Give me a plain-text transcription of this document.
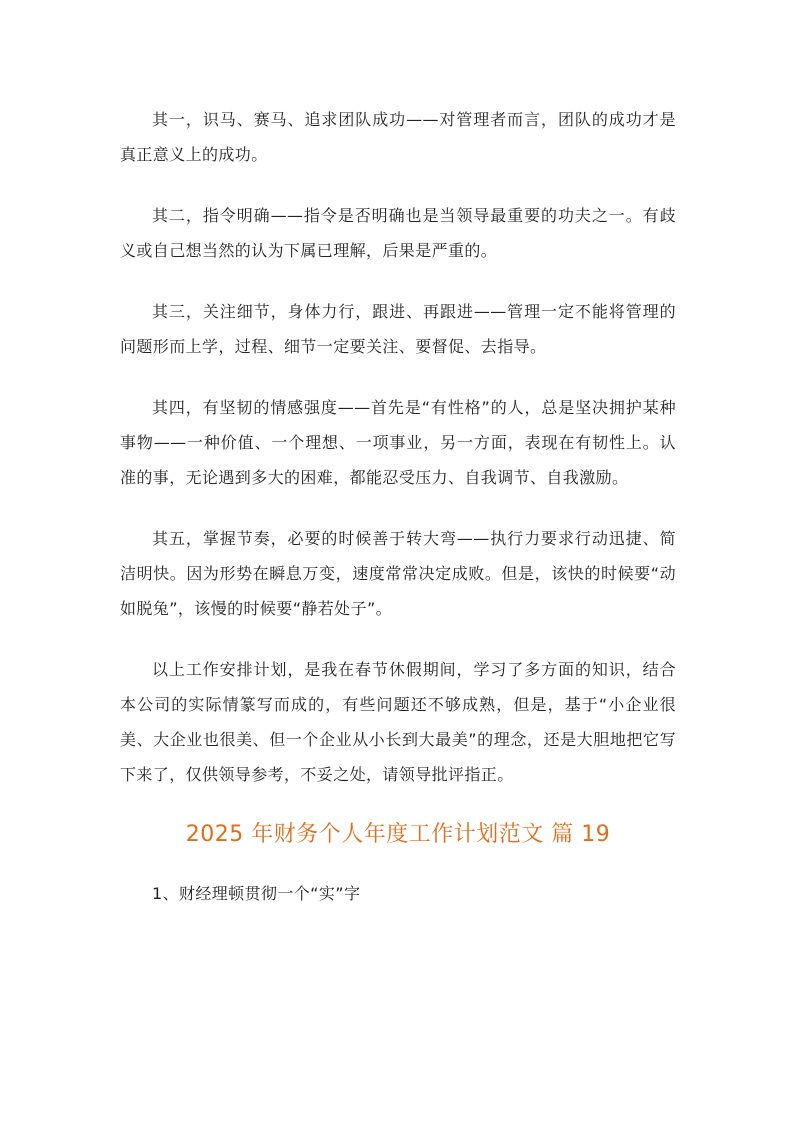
其一，识马、赛马、追求团队成功——对管理者而言，团队的成功才是真正意义上的成功。

其二，指令明确——指令是否明确也是当领导最重要的功夫之一。有歧义或自己想当然的认为下属已理解，后果是严重的。

其三，关注细节，身体力行，跟进、再跟进——管理一定不能将管理的问题形而上学，过程、细节一定要关注、要督促、去指导。

其四，有坚韧的情感强度——首先是“有性格”的人，总是坚决拥护某种事物——一种价值、一个理想、一项事业，另一方面，表现在有韧性上。认准的事，无论遇到多大的困难，都能忍受压力、自我调节、自我激励。

其五，掌握节奏，必要的时候善于转大弯——执行力要求行动迅捷、简洁明快。因为形势在瞬息万变，速度常常决定成败。但是，该快的时候要“动如脱兔”，该慢的时候要“静若处子”。

以上工作安排计划，是我在春节休假期间，学习了多方面的知识，结合本公司的实际情篆写而成的，有些问题还不够成熟，但是，基于“小企业很美、大企业也很美、但一个企业从小长到大最美”的理念，还是大胆地把它写下来了，仅供领导参考，不妥之处，请领导批评指正。

2025 年财务个人年度工作计划范文 篇 19

1、财经理顿贯彻一个“实”字
